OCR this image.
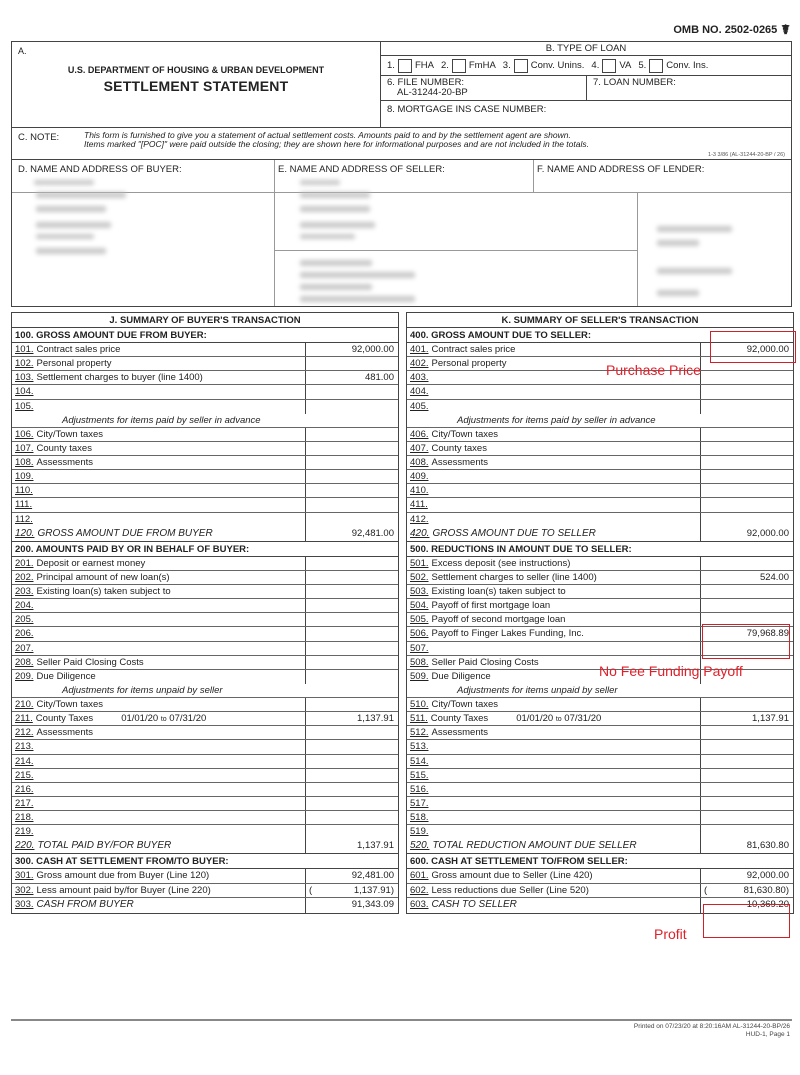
OMB NO. 2502-0265 ☤
A.
U.S. DEPARTMENT OF HOUSING & URBAN DEVELOPMENT
SETTLEMENT STATEMENT
B. TYPE OF LOAN
1. FHA 2. FmHA 3. Conv. Unins. 4. VA 5. Conv. Ins.
6. FILE NUMBER:
AL-31244-20-BP
7. LOAN NUMBER:
8. MORTGAGE INS CASE NUMBER:
C. NOTE:	This form is furnished to give you a statement of actual settlement costs. Amounts paid to and by the settlement agent are shown.
Items marked "[POC]" were paid outside the closing; they are shown here for informational purposes and are not included in the totals.
1-3 3/86 (AL-31244-20-BP / 26)
D. NAME AND ADDRESS OF BUYER:	E. NAME AND ADDRESS OF SELLER:	F. NAME AND ADDRESS OF LENDER:
J. SUMMARY OF BUYER'S TRANSACTION
100. GROSS AMOUNT DUE FROM BUYER:
101. Contract sales price	92,000.00
102. Personal property
103. Settlement charges to buyer (line 1400)	481.00
104.
105.
Adjustments for items paid by seller in advance
106. City/Town taxes
107. County taxes
108. Assessments
109.
110.
111.
112.
120. GROSS AMOUNT DUE FROM BUYER	92,481.00
200. AMOUNTS PAID BY OR IN BEHALF OF BUYER:
201. Deposit or earnest money
202. Principal amount of new loan(s)
203. Existing loan(s) taken subject to
204.
205.
206.
207.
208. Seller Paid Closing Costs
209. Due Diligence
Adjustments for items unpaid by seller
210. City/Town taxes
211. County Taxes	01/01/20 to 07/31/20	1,137.91
212. Assessments
213.
214.
215.
216.
217.
218.
219.
220. TOTAL PAID BY/FOR BUYER	1,137.91
300. CASH AT SETTLEMENT FROM/TO BUYER:
301. Gross amount due from Buyer (Line 120)	92,481.00
302. Less amount paid by/for Buyer (Line 220)	(	1,137.91)
303. CASH FROM BUYER	91,343.09
K. SUMMARY OF SELLER'S TRANSACTION
400. GROSS AMOUNT DUE TO SELLER:
401. Contract sales price	92,000.00
402. Personal property
403.
404.
405.
Adjustments for items paid by seller in advance
406. City/Town taxes
407. County taxes
408. Assessments
409.
410.
411.
412.
420. GROSS AMOUNT DUE TO SELLER	92,000.00
500. REDUCTIONS IN AMOUNT DUE TO SELLER:
501. Excess deposit (see instructions)
502. Settlement charges to seller (line 1400)	524.00
503. Existing loan(s) taken subject to
504. Payoff of first mortgage loan
505. Payoff of second mortgage loan
506. Payoff to Finger Lakes Funding, Inc.	79,968.89
507.
508. Seller Paid Closing Costs
509. Due Diligence
Adjustments for items unpaid by seller
510. City/Town taxes
511. County Taxes	01/01/20 to 07/31/20	1,137.91
512. Assessments
513.
514.
515.
516.
517.
518.
519.
520. TOTAL REDUCTION AMOUNT DUE SELLER	81,630.80
600. CASH AT SETTLEMENT TO/FROM SELLER:
601. Gross amount due to Seller (Line 420)	92,000.00
602. Less reductions due Seller (Line 520)	(	81,630.80)
603. CASH TO SELLER	10,369.20
Purchase Price
No Fee Funding Payoff
Profit
Printed on 07/23/20 at 8:20:16AM AL-31244-20-BP/26
HUD-1, Page 1
